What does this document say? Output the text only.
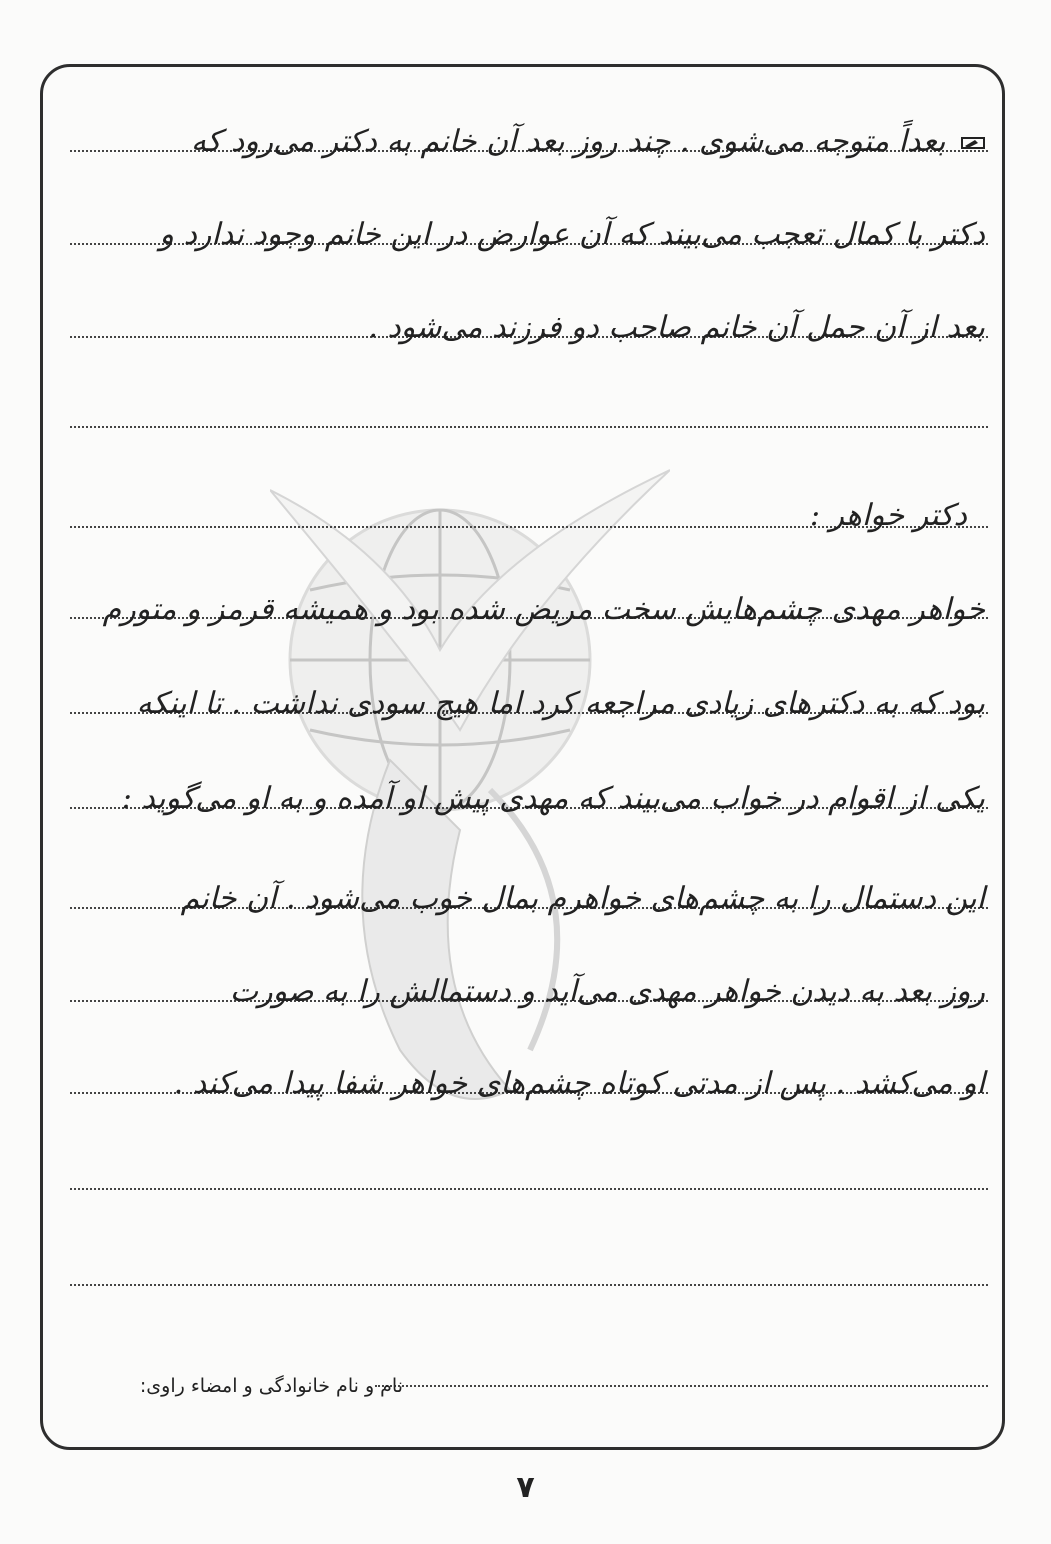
بعداً متوجه می‌شوی . چند روز بعد آن خانم به دکتر می‌رود که
دکتر با کمال تعجب می‌بیند که آن عوارض در این خانم وجود ندارد و
بعد از آن حمل آن خانم صاحب دو فرزند می‌شود .
دکتر خواهر :
خواهر مهدی چشم‌هایش سخت مریض شده بود و همیشه قرمز و متورم
بود که به دکترهای زیادی مراجعه کرد اما هیچ سودی نداشت . تا اینکه
یکی از اقوام در خواب می‌بیند که مهدی پیش او آمده و به او می‌گوید :
این دستمال را به چشم‌های خواهرم بمال خوب می‌شود . آن خانم
روز بعد به دیدن خواهر مهدی می‌آید و دستمالش را به صورت
او می‌کشد . پس از مدتی کوتاه چشم‌های خواهر شفا پیدا می‌کند .
نام و نام خانوادگی و امضاء راوی:
۷
